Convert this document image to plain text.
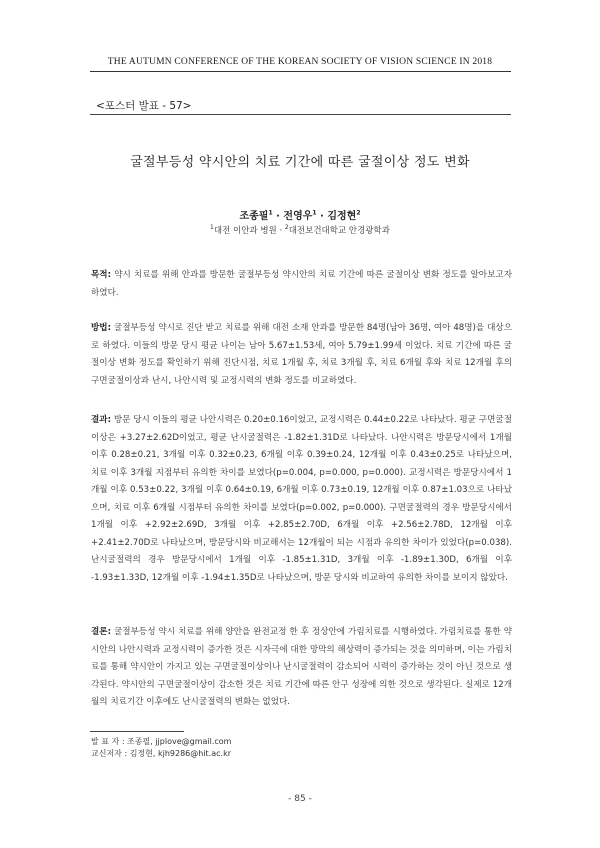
THE AUTUMN CONFERENCE OF THE KOREAN SOCIETY OF VISION SCIENCE IN 2018
<포스터 발표 - 57>
굴절부등성 약시안의 치료 기간에 따른 굴절이상 정도 변화
조종필$^1$ · 전영우$^1$ · 김정현$^2$
$^1$대전 이안과 병원 · $^2$대전보건대학교 안경광학과
목적: 약시 치료를 위해 안과를 방문한 굴절부등성 약시안의 치료 기간에 따른 굴절이상 변화 정도를 알아보고자 하였다.
방법: 굴절부등성 약시로 진단 받고 치료를 위해 대전 소재 안과를 방문한 84명(남아 36명, 여아 48명)을 대상으로 하였다. 이들의 방문 당시 평균 나이는 남아 5.67±1.53세, 여아 5.79±1.99세 이었다. 치료 기간에 따른 굴절이상 변화 정도를 확인하기 위해 진단시점, 치료 1개월 후, 치료 3개월 후, 치료 6개월 후와 치료 12개월 후의 구면굴절이상과 난시, 나안시력 및 교정시력의 변화 정도를 비교하였다.
결과: 방문 당시 이들의 평균 나안시력은 0.20±0.16이었고, 교정시력은 0.44±0.22로 나타났다. 평균 구면굴절이상은 +3.27±2.62D이었고, 평균 난시굴절력은 -1.82±1.31D로 나타났다. 나안시력은 방문당시에서 1개월 이후 0.28±0.21, 3개월 이후 0.32±0.23, 6개월 이후 0.39±0.24, 12개월 이후 0.43±0.25로 나타났으며, 치료 이후 3개월 지점부터 유의한 차이를 보였다(p=0.004, p=0.000, p=0.000). 교정시력은 방문당시에서 1개월 이후 0.53±0.22, 3개월 이후 0.64±0.19, 6개월 이후 0.73±0.19, 12개월 이후 0.87±1.03으로 나타났으며, 치료 이후 6개월 시점부터 유의한 차이를 보였다(p=0.002, p=0.000). 구면굴절력의 경우 방문당시에서 1개월 이후 +2.92±2.69D, 3개월 이후 +2.85±2.70D, 6개월 이후 +2.56±2.78D, 12개월 이후 +2.41±2.70D로 나타났으며, 방문당시와 비교해서는 12개월이 되는 시점과 유의한 차이가 있었다(p=0.038). 난시굴절력의 경우 방문당시에서 1개월 이후 -1.85±1.31D, 3개월 이후 -1.89±1.30D, 6개월 이후 -1.93±1.33D, 12개월 이후 -1.94±1.35D로 나타났으며, 방문 당시와 비교하여 유의한 차이를 보이지 않았다.
결론: 굴절부등성 약시 치료를 위해 양안을 완전교정 한 후 정상안에 가림치료를 시행하였다. 가림치료를 통한 약시안의 나안시력과 교정시력이 증가한 것은 시자극에 대한 망막의 해상력이 증가되는 것을 의미하며, 이는 가림치료를 통해 약시안이 가지고 있는 구면굴절이상이나 난시굴절력이 감소되어 시력이 증가하는 것이 아닌 것으로 생각된다. 약시안의 구면굴절이상이 감소한 것은 치료 기간에 따른 안구 성장에 의한 것으로 생각된다. 실제로 12개월의 치료기간 이후에도 난시굴절력의 변화는 없었다.
발 표 자 : 조종필, jjplove@gmail.com
교신저자 : 김정현, kjh9286@hit.ac.kr
- 85 -
